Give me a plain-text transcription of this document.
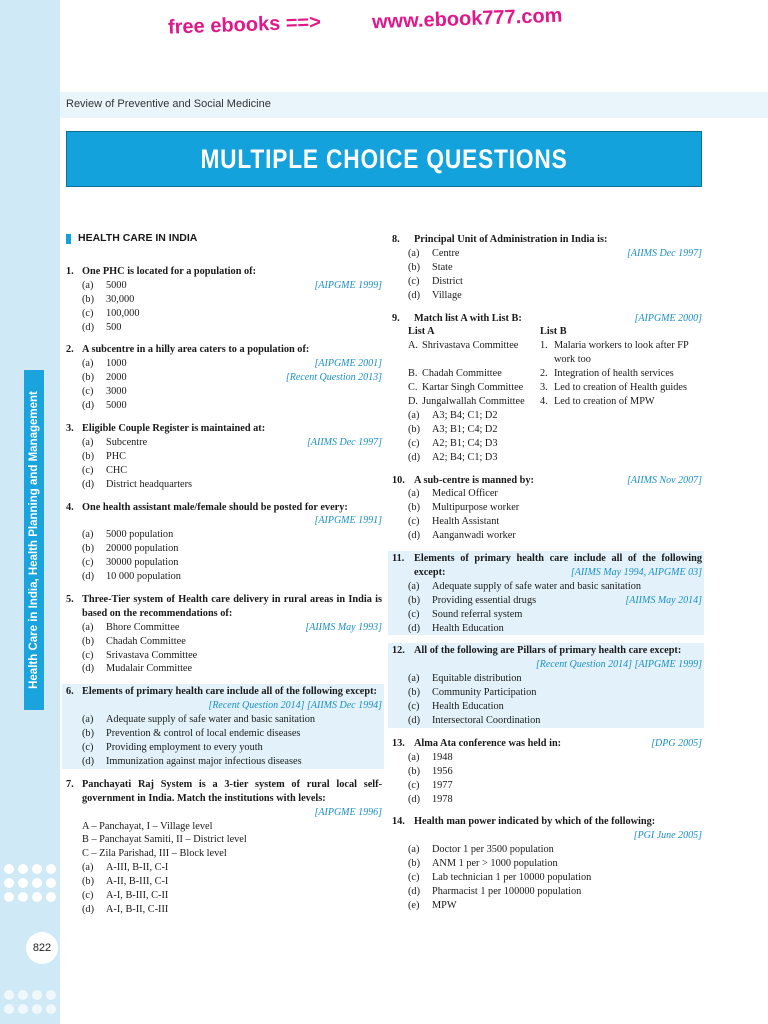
Health Care in India, Health Planning and Management
822
free ebooks ==>	www.ebook777.com
Review of Preventive and Social Medicine
MULTIPLE CHOICE QUESTIONS
HEALTH CARE IN INDIA
1. One PHC is located for a population of:
(a)	5000	[AIPGME 1999]
(b)	30,000
(c)	100,000
(d)	500
2. A subcentre in a hilly area caters to a population of:
(a)	1000	[AIPGME 2001]
(b)	2000	[Recent Question 2013]
(c)	3000
(d)	5000
3. Eligible Couple Register is maintained at:
(a)	Subcentre	[AIIMS Dec 1997]
(b)	PHC
(c)	CHC
(d)	District headquarters
4. One health assistant male/female should be posted for every:
[AIPGME 1991]
(a)	5000 population
(b)	20000 population
(c)	30000 population
(d)	10 000 population
5. Three-Tier system of Health care delivery in rural areas in India is based on the recommendations of:
(a)	Bhore Committee	[AIIMS May 1993]
(b)	Chadah Committee
(c)	Srivastava Committee
(d)	Mudalair Committee
6. Elements of primary health care include all of the following except:
[Recent Question 2014] [AIIMS Dec 1994]
(a)	Adequate supply of safe water and basic sanitation
(b)	Prevention & control of local endemic diseases
(c)	Providing employment to every youth
(d)	Immunization against major infectious diseases
7. Panchayati Raj System is a 3-tier system of rural local self-government in India. Match the institutions with levels:
[AIPGME 1996]
A – Panchayat, I – Village level
B – Panchayat Samiti, II – District level
C – Zila Parishad, III – Block level
(a)	A-III, B-II, C-I
(b)	A-II, B-III, C-I
(c)	A-I, B-III, C-II
(d)	A-I, B-II, C-III
8.	Principal Unit of Administration in India is:
(a)	Centre	[AIIMS Dec 1997]
(b)	State
(c)	District
(d)	Village
9.	Match list A with List B:	[AIPGME 2000]
List A	List B
A. Shrivastava Committee	1. Malaria workers to look after FP work too
B. Chadah Committee	2. Integration of health services
C. Kartar Singh Committee	3. Led to creation of Health guides
D. Jungalwallah Committee	4. Led to creation of MPW
(a)	A3; B4; C1; D2
(b)	A3; B1; C4; D2
(c)	A2; B1; C4; D3
(d)	A2; B4; C1; D3
10. A sub-centre is manned by:	[AIIMS Nov 2007]
(a)	Medical Officer
(b)	Multipurpose worker
(c)	Health Assistant
(d)	Aanganwadi worker
11. Elements of primary health care include all of the following except:	[AIIMS May 1994, AIPGME 03]
(a)	Adequate supply of safe water and basic sanitation
(b)	Providing essential drugs	[AIIMS May 2014]
(c)	Sound referral system
(d)	Health Education
12. All of the following are Pillars of primary health care except:
[Recent Question 2014] [AIPGME 1999]
(a)	Equitable distribution
(b)	Community Participation
(c)	Health Education
(d)	Intersectoral Coordination
13. Alma Ata conference was held in:	[DPG 2005]
(a)	1948
(b)	1956
(c)	1977
(d)	1978
14. Health man power indicated by which of the following:
[PGI June 2005]
(a)	Doctor 1 per 3500 population
(b)	ANM 1 per > 1000 population
(c)	Lab technician 1 per 10000 population
(d)	Pharmacist 1 per 100000 population
(e)	MPW
